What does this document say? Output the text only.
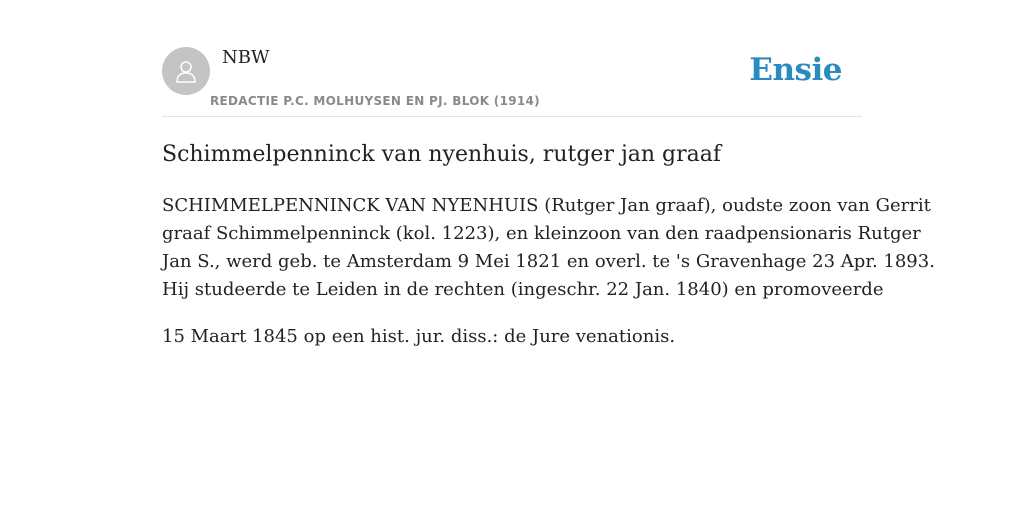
NBW
REDACTIE P.C. MOLHUYSEN EN PJ. BLOK (1914)
Ensie
Schimmelpenninck van nyenhuis, rutger jan graaf

SCHIMMELPENNINCK VAN NYENHUIS (Rutger Jan graaf), oudste zoon van Gerrit
graaf Schimmelpenninck (kol. 1223), en kleinzoon van den raadpensionaris Rutger
Jan S., werd geb. te Amsterdam 9 Mei 1821 en overl. te 's Gravenhage 23 Apr. 1893.
Hij studeerde te Leiden in de rechten (ingeschr. 22 Jan. 1840) en promoveerde

15 Maart 1845 op een hist. jur. diss.: de Jure venationis.
